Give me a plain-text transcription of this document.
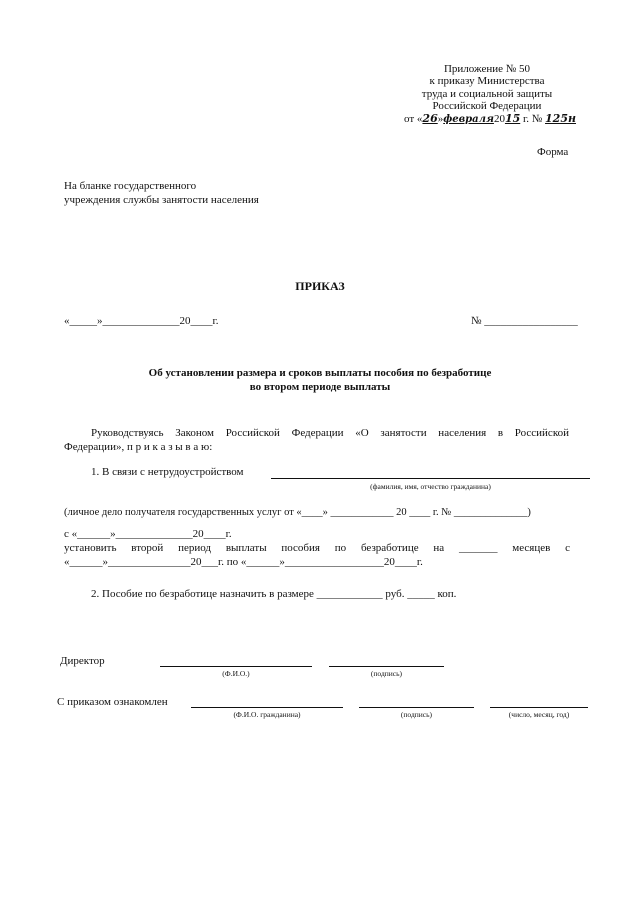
Приложение № 50
к приказу Министерства
труда и социальной защиты
Российской Федерации
от «26»февраля2015 г. № 125н
Форма
На бланке государственного
учреждения службы занятости населения
ПРИКАЗ
«_____»______________20____г.	№ _________________
Об установлении размера и сроков выплаты пособия по безработице
во втором периоде выплаты
Руководствуясь Законом Российской Федерации «О занятости населения в Российской
Федерации», п р и к а з ы в а ю:
1. В связи с нетрудоустройством
(фамилия, имя, отчество гражданина)
(личное дело получателя государственных услуг от «____» ____________ 20 ____ г. № ______________)
с «______»______________20____г.
установить второй период выплаты пособия по безработице на _______ месяцев с
«______»_______________20___г. по «______»__________________20____г.
2. Пособие по безработице назначить в размере ____________ руб. _____ коп.
Директор
(Ф.И.О.)	(подпись)
С приказом ознакомлен
(Ф.И.О. гражданина)	(подпись)	(число, месяц, год)
